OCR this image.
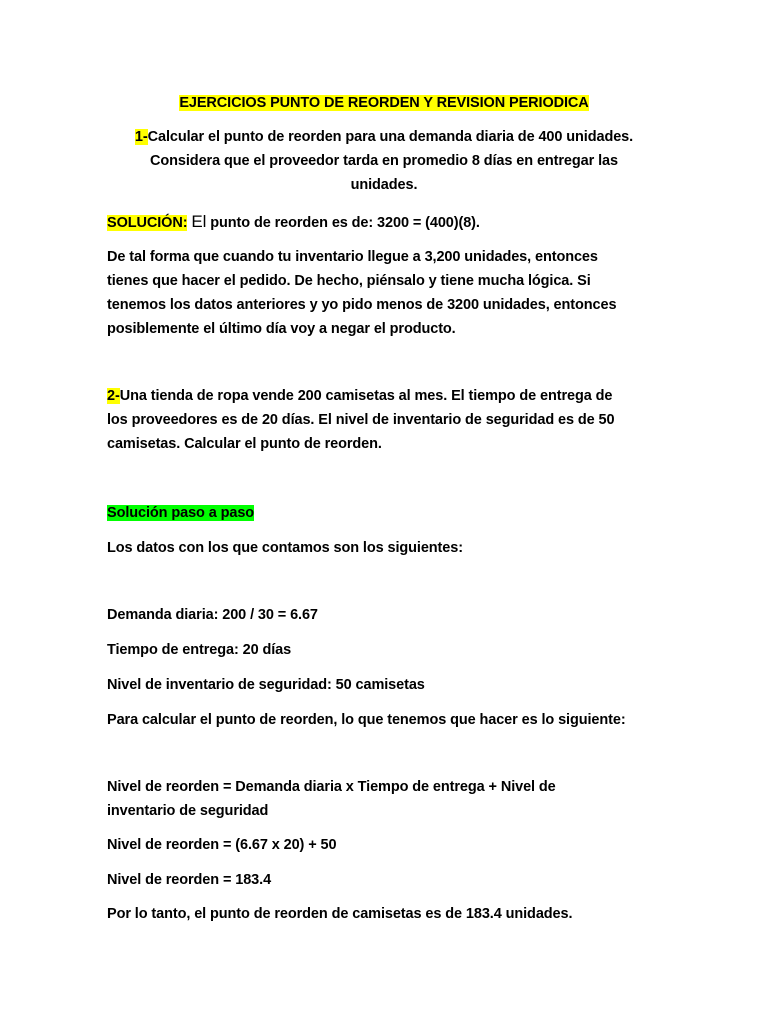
EJERCICIOS PUNTO DE REORDEN Y REVISION PERIODICA
1-Calcular el punto de reorden para una demanda diaria de 400 unidades.
Considera que el proveedor tarda en promedio 8 días en entregar las
unidades.
SOLUCIÓN: El punto de reorden es de: 3200 = (400)(8).
De tal forma que cuando tu inventario llegue a 3,200 unidades, entonces
tienes que hacer el pedido. De hecho, piénsalo y tiene mucha lógica. Si
tenemos los datos anteriores y yo pido menos de 3200 unidades, entonces
posiblemente el último día voy a negar el producto.
2-Una tienda de ropa vende 200 camisetas al mes. El tiempo de entrega de
los proveedores es de 20 días. El nivel de inventario de seguridad es de 50
camisetas. Calcular el punto de reorden.
Solución paso a paso
Los datos con los que contamos son los siguientes:
Demanda diaria: 200 / 30 = 6.67
Tiempo de entrega: 20 días
Nivel de inventario de seguridad: 50 camisetas
Para calcular el punto de reorden, lo que tenemos que hacer es lo siguiente:
Nivel de reorden = Demanda diaria x Tiempo de entrega + Nivel de
inventario de seguridad
Nivel de reorden = (6.67 x 20) + 50
Nivel de reorden = 183.4
Por lo tanto, el punto de reorden de camisetas es de 183.4 unidades.
